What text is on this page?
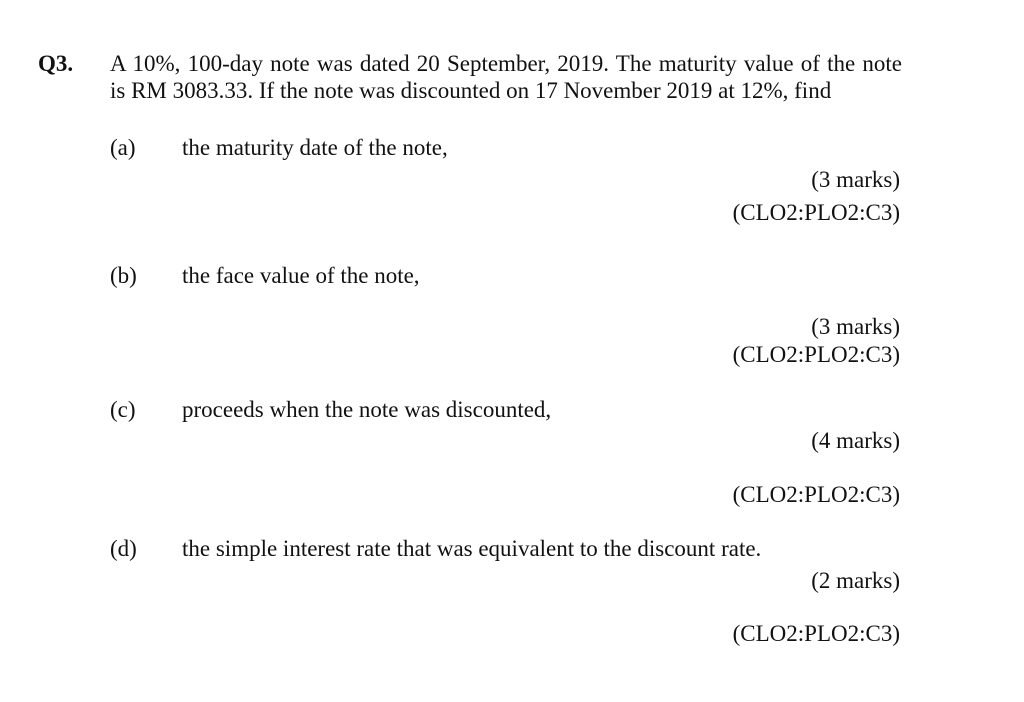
Q3. A 10%, 100-day note was dated 20 September, 2019. The maturity value of the note is RM 3083.33. If the note was discounted on 17 November 2019 at 12%, find
(a) the maturity date of the note,
(3 marks)
(CLO2:PLO2:C3)
(b) the face value of the note,
(3 marks)
(CLO2:PLO2:C3)
(c) proceeds when the note was discounted,
(4 marks)
(CLO2:PLO2:C3)
(d) the simple interest rate that was equivalent to the discount rate.
(2 marks)
(CLO2:PLO2:C3)
